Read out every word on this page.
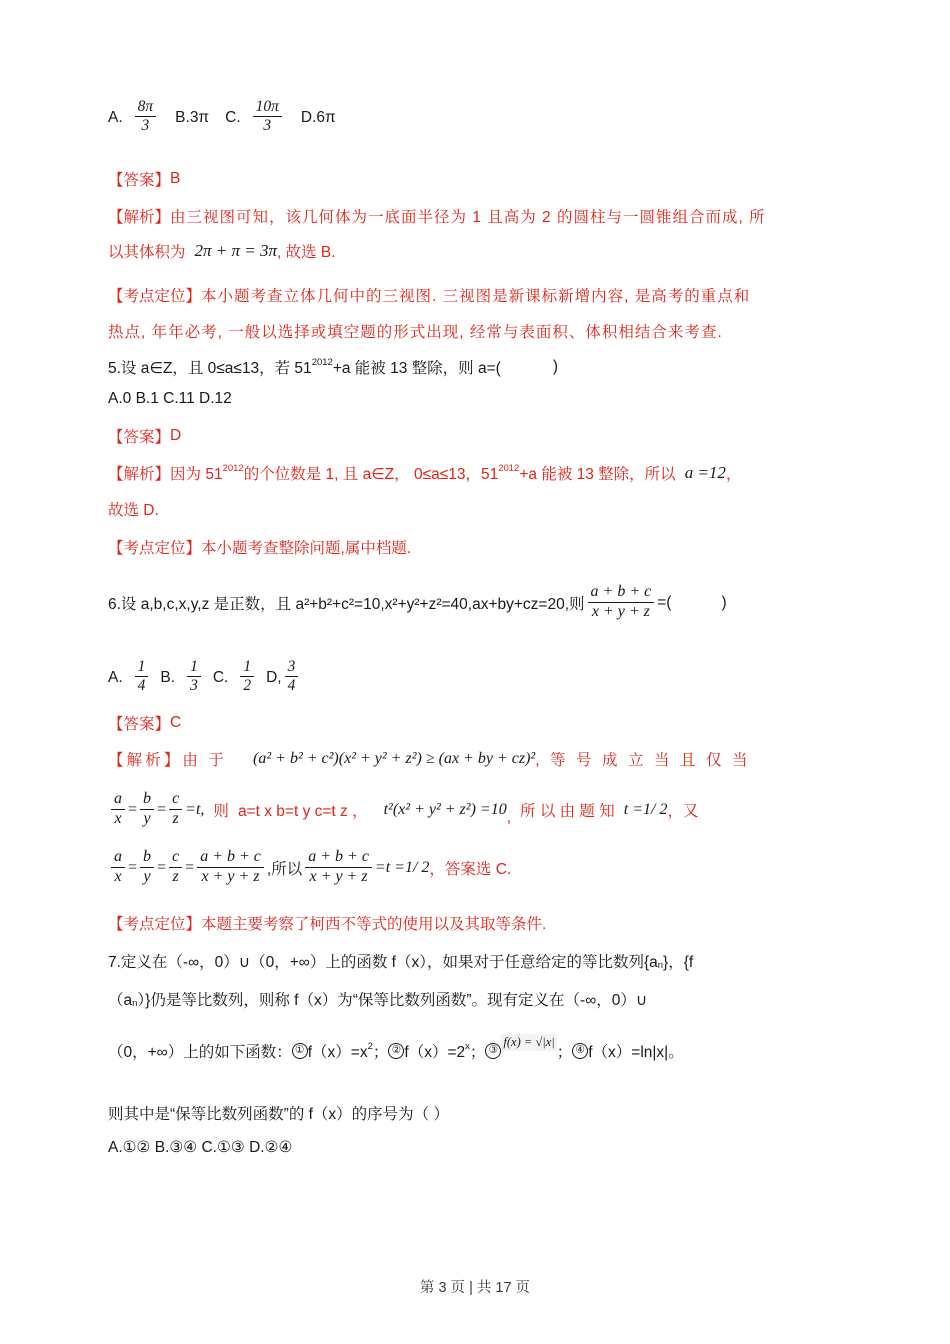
A. $\frac{8\pi}{3} B.3\pi$ C. $\frac{10\pi}{3} D.6\pi$
【答案】 B
【解析】 由三视图可知，该几何体为一底面半径为 1 且高为 2 的圆柱与一圆锥组合而成, 所
以其体积为 2π + π = 3π , 故选 B.
【考点定位】 本小题考查立体几何中的三视图. 三视图是新课标新增内容, 是高考的重点和
热点, 年年必考, 一般以选择或填空题的形式出现, 经常与表面积、体积相结合来考查.
5.设 a∈Z，且 0≤a≤13，若 51 2012 +a 能被 13 整除，则 a=(	)
A.0 B.1 C.11 D.12
【答案】 D
【解析】 因为 51 2012 的个位数是 1, 且 a∈Z， 0≤a≤13，51 2012 +a 能被 13 整除，所以 a =12 ，
故选 D.
【考点定位】 本小题考查整除问题,属中档题.
6.设 a,b,c,x,y,z 是正数，且 a ²+b²+c²=10,x²+y²+z²=40,ax+by+cz=20,则 $\frac{a + b + c}{x + y + z}$ =(	)
A. $\frac{1}{4} B$. $\frac{1}{3} C$. $\frac{1}{2} D$, $\frac{3}{4}$
【答案】 C
【解析】 由 于 (a² + b² + c²)(x² + y² + z²) ≥ (ax + by + cz)² , 等 号 成 立 当 且 仅 当
$\frac{a}{x} = \frac{b}{y} = \frac{c}{z} =t$, 则 a=t x b=t y c=t z ， t²(x² + y² + z²) =10 , 所 以 由 题 知 t =1/ 2 ，又
$\frac{a}{x} = \frac{b}{y} = \frac{c}{z} = \frac{a + b + c}{x + y + z}$ ,所以 $\frac{a + b + c}{x + y + z} =t =1/$ 2 ，答案选 C.
【考点定位】 本题主要考察了柯西不等式的使用以及其取等条件.
7.定义在（-∞，0）∪（0，+∞）上的函数 f（x），如果对于任意给定的等比数列{a n }，{f
（a n ）}仍是等比数列，则称 f（x）为“保等比数列函数”。现有定义在（-∞，0）∪
（0，+∞）上的如下函数： ① f（x）=x 2 ； ② f（x）=2 x ； ③
f(x) = √|x|
； ④ f（x）=ln|x|。
则其中是“保等比数列函数”的 f（x）的序号为（ ）
A.①② B.③④ C.①③ D.②④
第 3 页 | 共 17 页
